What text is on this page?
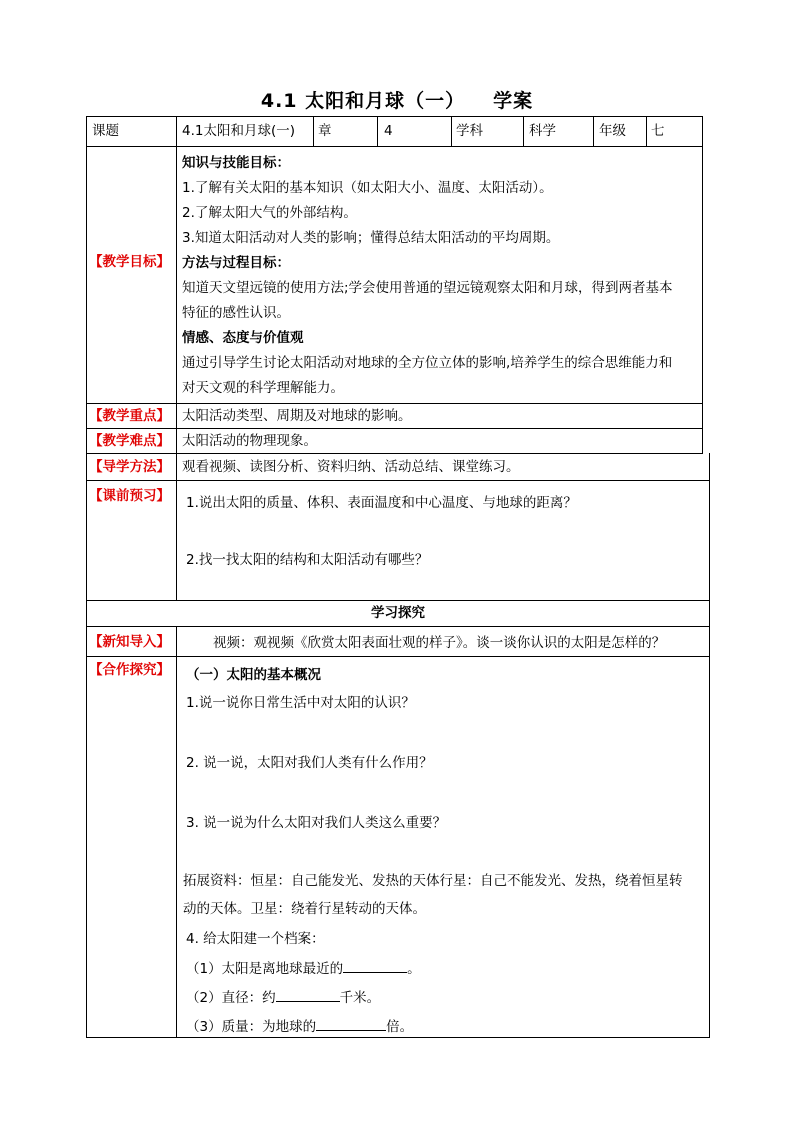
4.1 太阳和月球（一） 学案
课题	4.1太阳和月球(一) 章	4	学科	科学	年级 七
【教学目标】
知识与技能目标：
1.了解有关太阳的基本知识（如太阳大小、温度、太阳活动）。
2.了解太阳大气的外部结构。
3.知道太阳活动对人类的影响；懂得总结太阳活动的平均周期。
方法与过程目标：
知道天文望远镜的使用方法;学会使用普通的望远镜观察太阳和月球，得到两者基本
特征的感性认识。
情感、态度与价值观
通过引导学生讨论太阳活动对地球的全方位立体的影响,培养学生的综合思维能力和
对天文观的科学理解能力。
【教学重点】 太阳活动类型、周期及对地球的影响。
【教学难点】 太阳活动的物理现象。
【导学方法】 观看视频、读图分析、资料归纳、活动总结、课堂练习。
【课前预习】 1.说出太阳的质量、体积、表面温度和中心温度、与地球的距离？
2.找一找太阳的结构和太阳活动有哪些？
学习探究
【新知导入】	视频：观视频《欣赏太阳表面壮观的样子》。谈一谈你认识的太阳是怎样的？
【合作探究】 （一）太阳的基本概况
1.说一说你日常生活中对太阳的认识？
2. 说一说，太阳对我们人类有什么作用？
3. 说一说为什么太阳对我们人类这么重要？
拓展资料：恒星：自己能发光、发热的天体行星：自己不能发光、发热，绕着恒星转
动的天体。卫星：绕着行星转动的天体。
4. 给太阳建一个档案：
（1）太阳是离地球最近的	。
（2）直径：约	千米。
（3）质量：为地球的	倍。
